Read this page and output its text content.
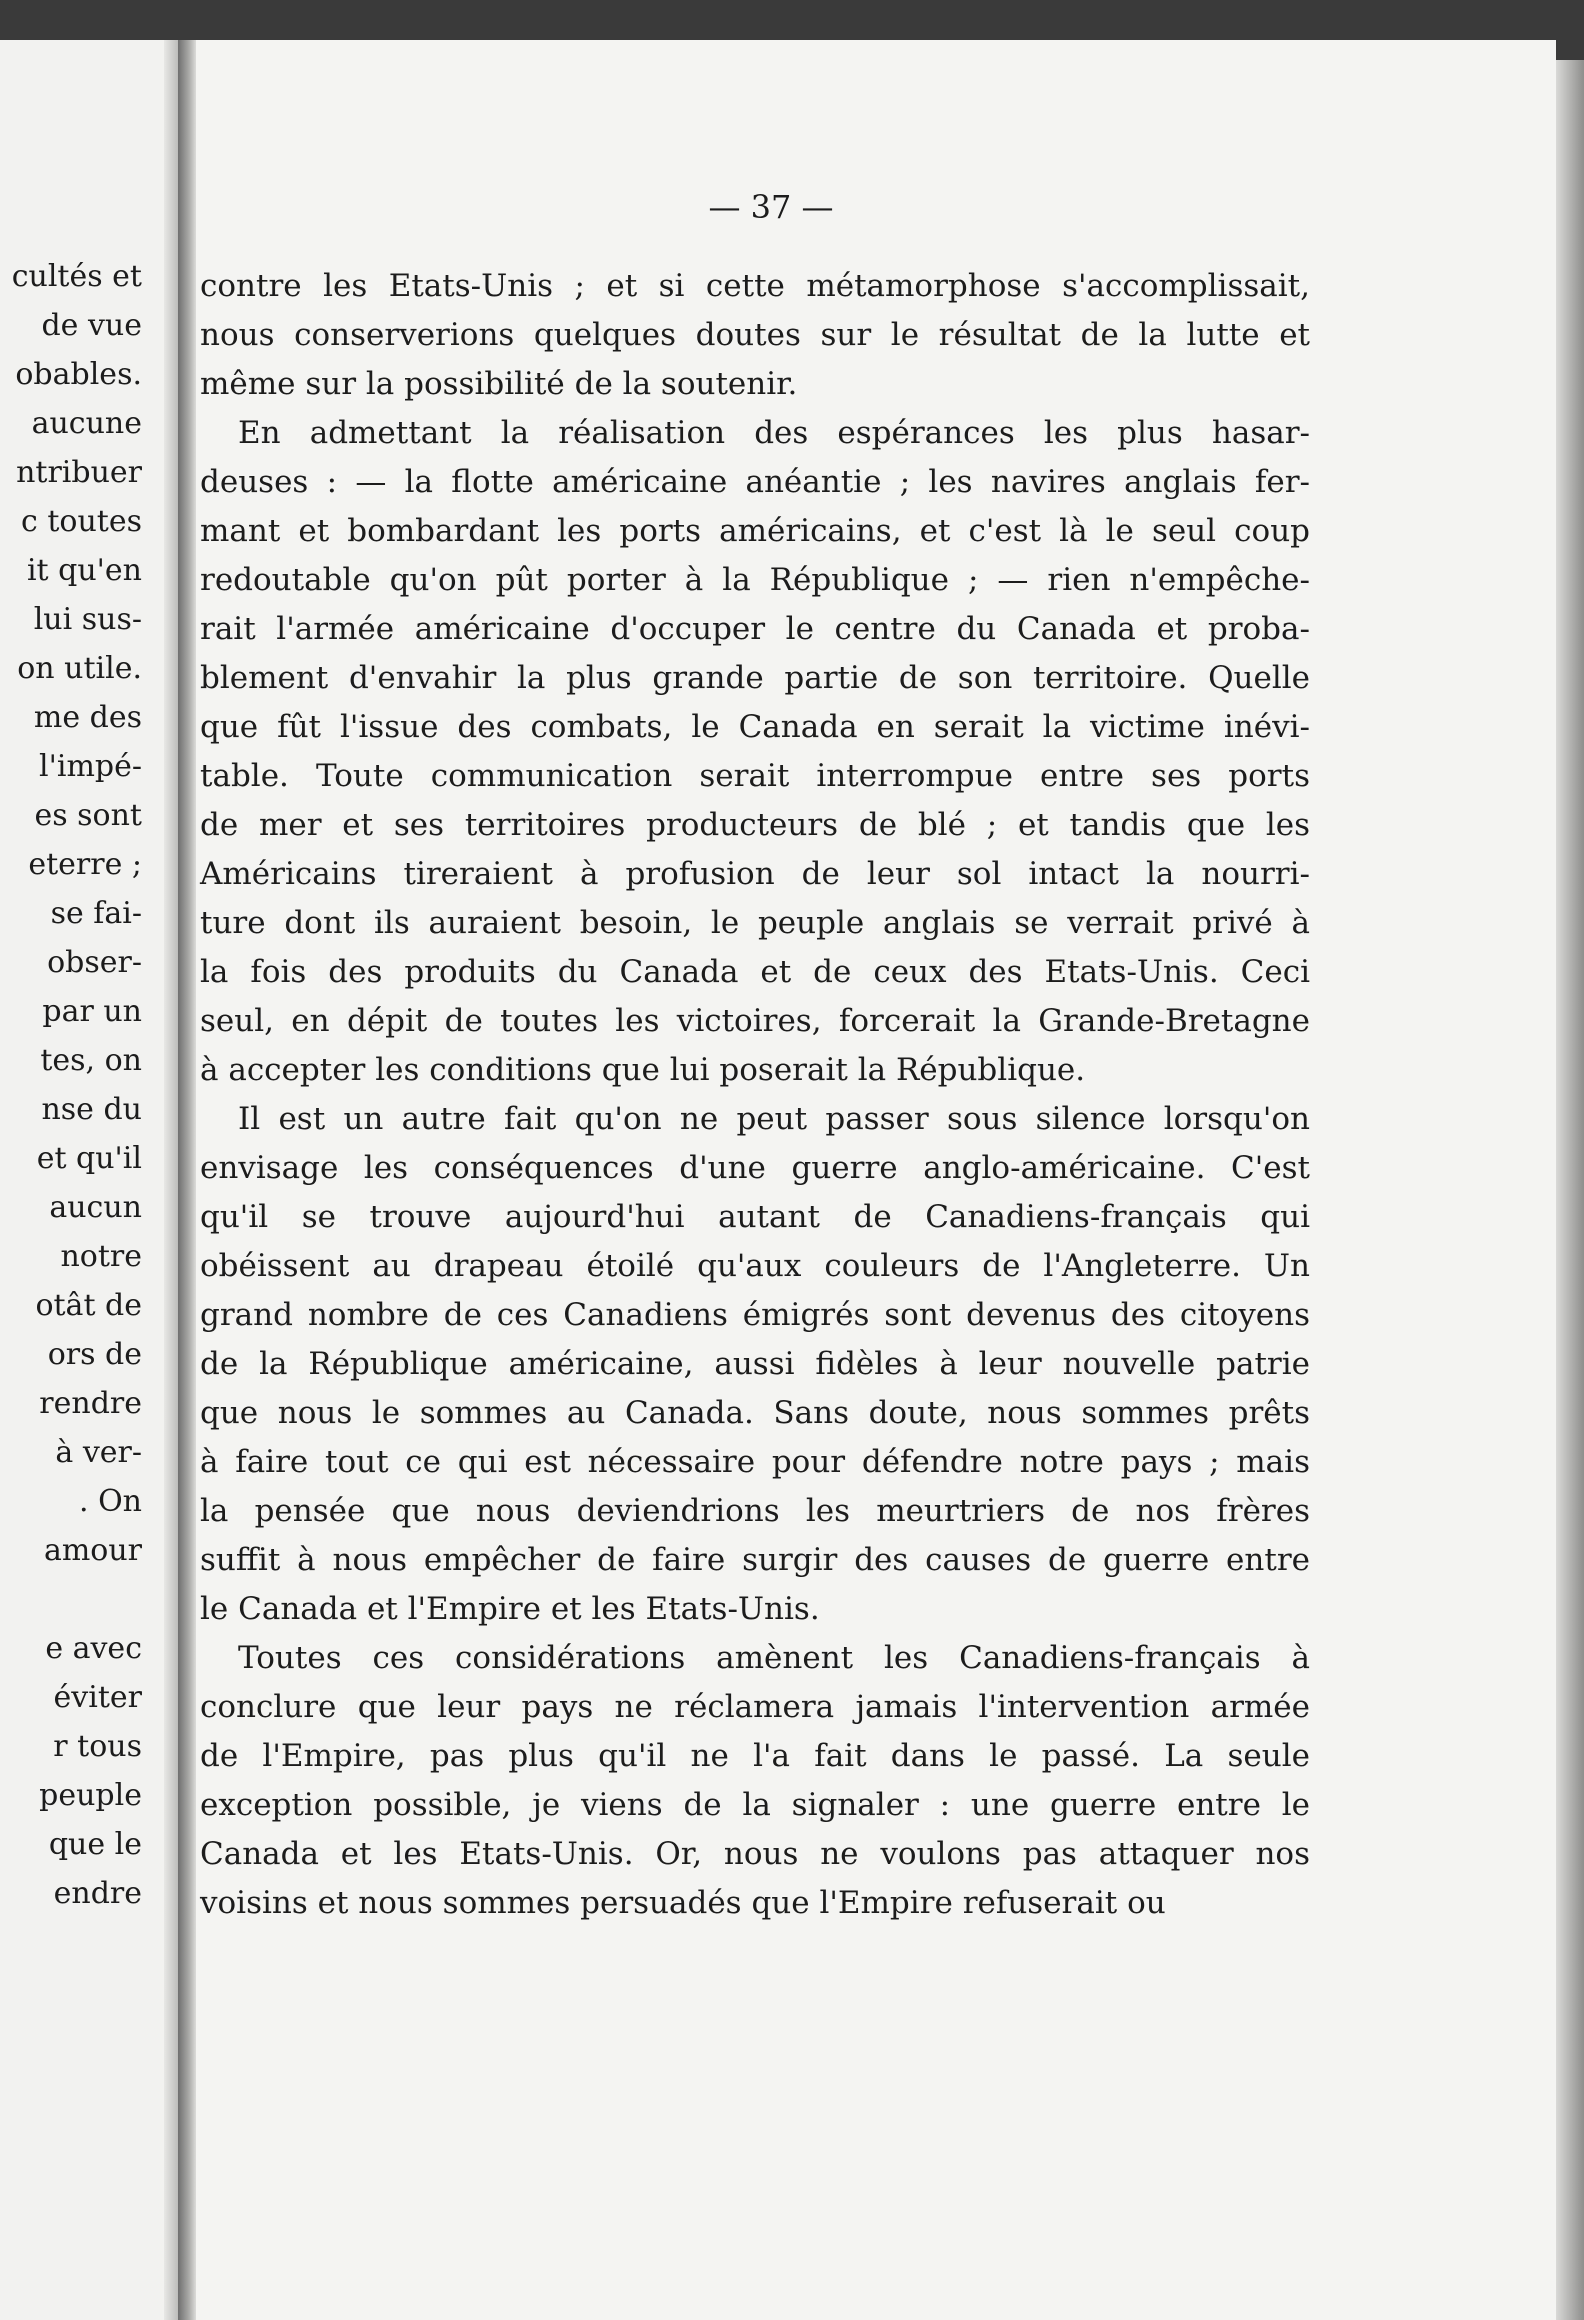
cultés et
de vue
obables.
aucune
ntribuer
c toutes
it qu'en
lui sus-
on utile.
me des
l'impé-
es sont
eterre ;
se fai-
obser-
par un
tes, on
nse du
et qu'il
aucun
notre
otât de
ors de
rendre
à ver-
. On
amour
e avec
éviter
r tous
peuple
que le
endre
— 37 —

contre les Etats-Unis ; et si cette métamorphose s'accomplissait,
nous conserverions quelques doutes sur le résultat de la lutte et
même sur la possibilité de la soutenir.

En admettant la réalisation des espérances les plus hasar-
deuses : — la flotte américaine anéantie ; les navires anglais fer-
mant et bombardant les ports américains, et c'est là le seul coup
redoutable qu'on pût porter à la République ; — rien n'empêche-
rait l'armée américaine d'occuper le centre du Canada et proba-
blement d'envahir la plus grande partie de son territoire. Quelle
que fût l'issue des combats, le Canada en serait la victime inévi-
table. Toute communication serait interrompue entre ses ports
de mer et ses territoires producteurs de blé ; et tandis que les
Américains tireraient à profusion de leur sol intact la nourri-
ture dont ils auraient besoin, le peuple anglais se verrait privé à
la fois des produits du Canada et de ceux des Etats-Unis. Ceci
seul, en dépit de toutes les victoires, forcerait la Grande-Bretagne
à accepter les conditions que lui poserait la République.

Il est un autre fait qu'on ne peut passer sous silence lorsqu'on
envisage les conséquences d'une guerre anglo-américaine. C'est
qu'il se trouve aujourd'hui autant de Canadiens-français qui
obéissent au drapeau étoilé qu'aux couleurs de l'Angleterre. Un
grand nombre de ces Canadiens émigrés sont devenus des citoyens
de la République américaine, aussi fidèles à leur nouvelle patrie
que nous le sommes au Canada. Sans doute, nous sommes prêts
à faire tout ce qui est nécessaire pour défendre notre pays ; mais
la pensée que nous deviendrions les meurtriers de nos frères
suffit à nous empêcher de faire surgir des causes de guerre entre
le Canada et l'Empire et les Etats-Unis.

Toutes ces considérations amènent les Canadiens-français à
conclure que leur pays ne réclamera jamais l'intervention armée
de l'Empire, pas plus qu'il ne l'a fait dans le passé. La seule
exception possible, je viens de la signaler : une guerre entre le
Canada et les Etats-Unis. Or, nous ne voulons pas attaquer nos
voisins et nous sommes persuadés que l'Empire refuserait ou
